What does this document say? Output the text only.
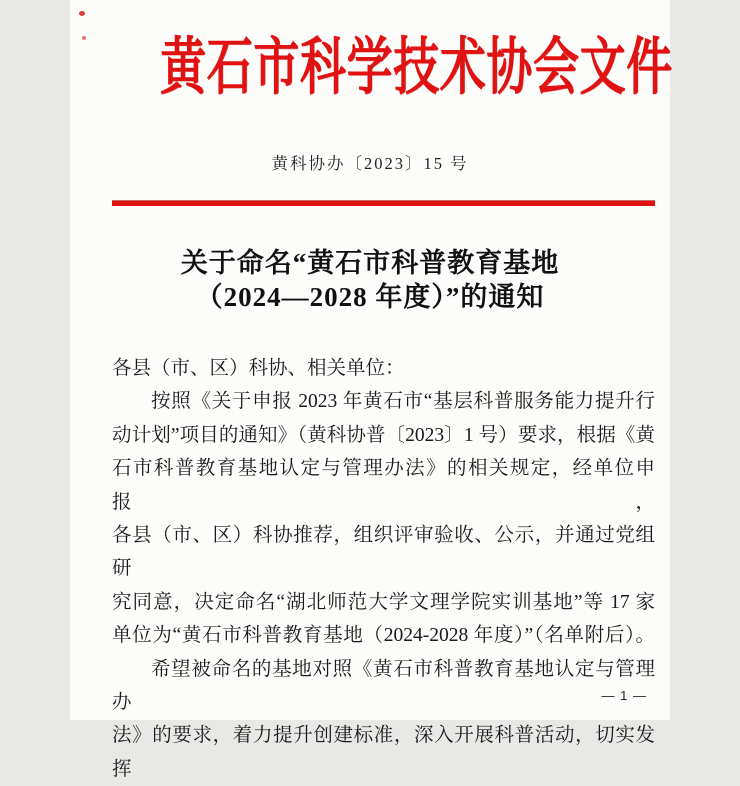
黄石市科学技术协会文件
黄科协办〔2023〕15 号
关于命名“黄石市科普教育基地
（2024—2028 年度）”的通知
各县（市、区）科协、相关单位：
按照《关于申报 2023 年黄石市“基层科普服务能力提升行
动计划”项目的通知》（黄科协普〔2023〕1 号）要求，根据《黄
石市科普教育基地认定与管理办法》的相关规定，经单位申报，
各县（市、区）科协推荐，组织评审验收、公示，并通过党组研
究同意，决定命名“湖北师范大学文理学院实训基地”等 17 家
单位为“黄石市科普教育基地（2024-2028 年度）”（名单附后）。
希望被命名的基地对照《黄石市科普教育基地认定与管理办
法》的要求，着力提升创建标准，深入开展科普活动，切实发挥
— 1 —
